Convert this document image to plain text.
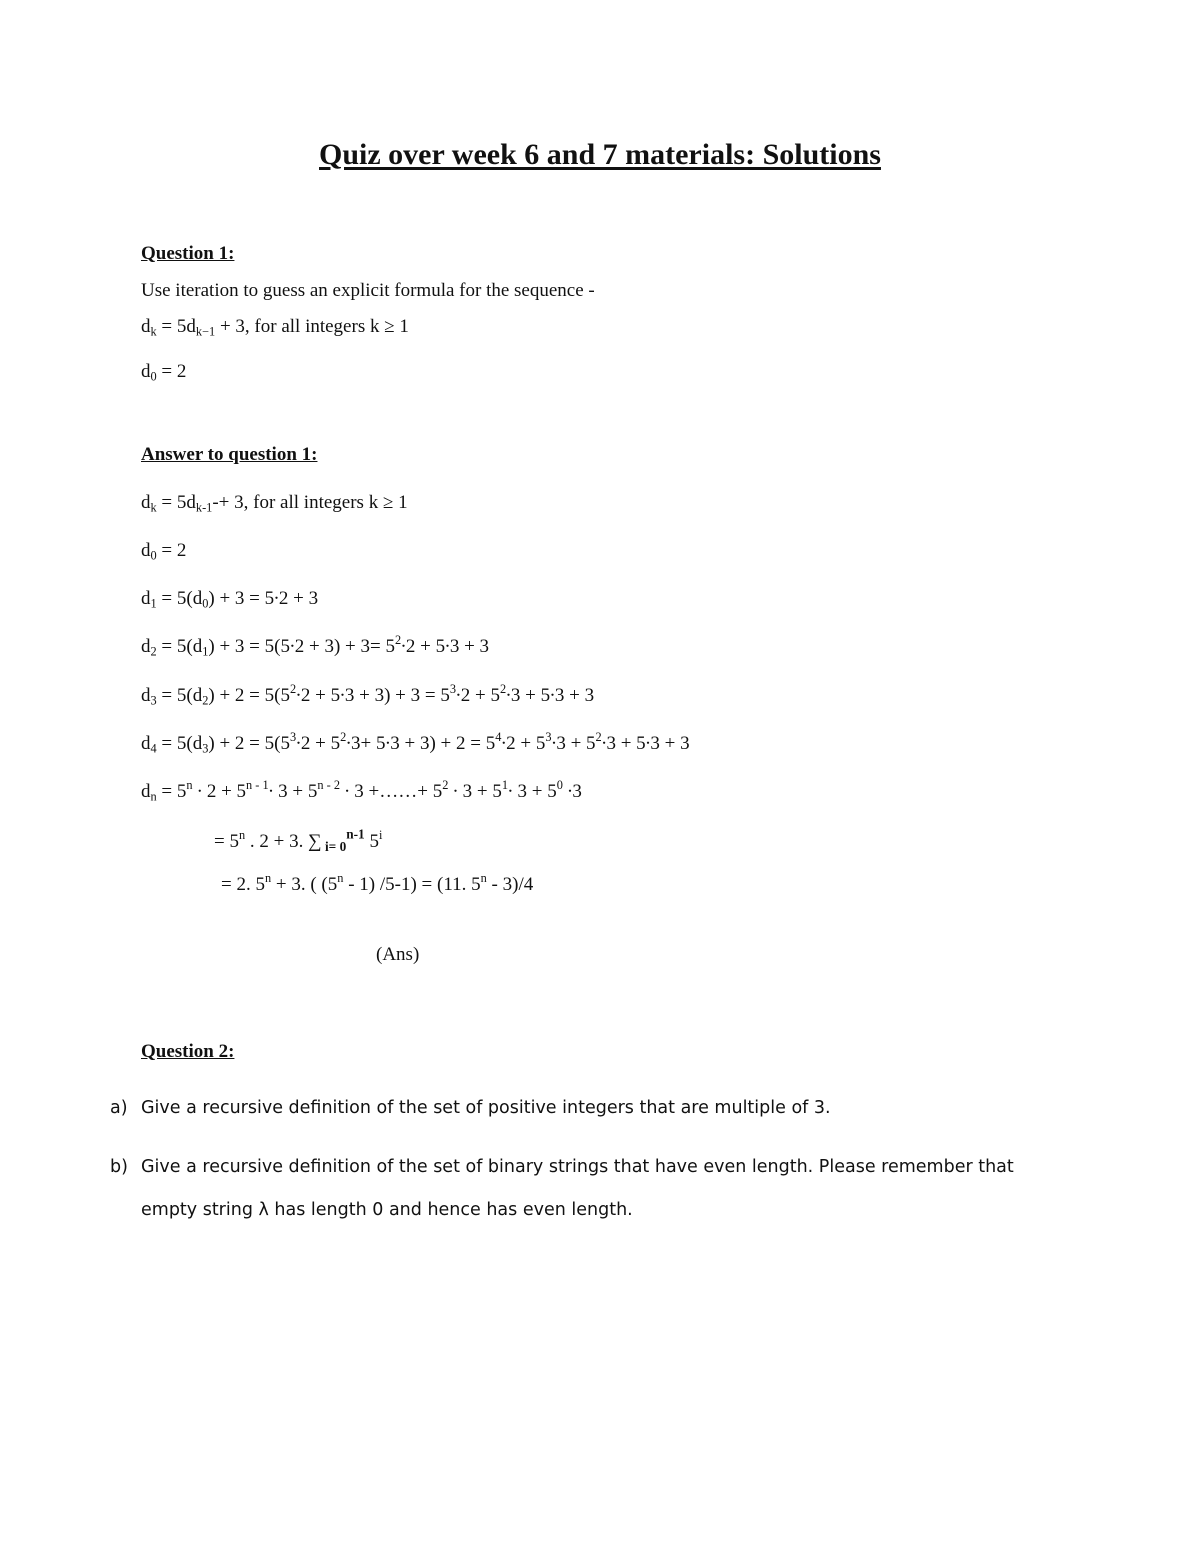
Quiz over week 6 and 7 materials: Solutions
Question 1:
Use iteration to guess an explicit formula for the sequence -
$d_k = 5d_{k-1} + 3$, for all integers k ≥ 1
$d_0 = 2$
Answer to question 1:
$d_k = 5d_{k-1}-+ 3$, for all integers k ≥ 1
$d_0 = 2$
$d_1 = 5(d_0) + 3 = 5\cdot 2 + 3$
$d_2 = 5(d_1) + 3 = 5(5\cdot 2 + 3) + 3= 5^2\cdot 2 + 5\cdot 3 + 3$
$d_3 = 5(d_2) + 2 = 5(5^2\cdot 2 + 5\cdot 3 + 3) + 3 = 5^3\cdot 2 + 5^2\cdot 3 + 5\cdot 3 + 3$
$d_4 = 5(d_3) + 2 = 5(5^3\cdot 2 + 5^2\cdot 3+ 5\cdot 3 + 3) + 2 = 5^4\cdot 2 + 5^3\cdot 3 + 5^2\cdot 3 + 5\cdot 3 + 3$
$d_n = 5^n \cdot 2 + 5^{n - 1}\cdot 3 + 5^{n - 2} \cdot 3$ +……+ $5^2 \cdot 3 + 5^1\cdot 3 + 5^0 \cdot 3$
= $5^n$ . 2 + 3. ∑ $_{i= 0}^{n-1}$ $5^i$
= 2. $5^n + 3$. ( (5$^n$ - 1) /5-1) = (11. 5$^n$ - 3)/4
(Ans)
Question 2:
a) Give a recursive definition of the set of positive integers that are multiple of 3.
b) Give a recursive definition of the set of binary strings that have even length. Please remember that
empty string λ has length 0 and hence has even length.
